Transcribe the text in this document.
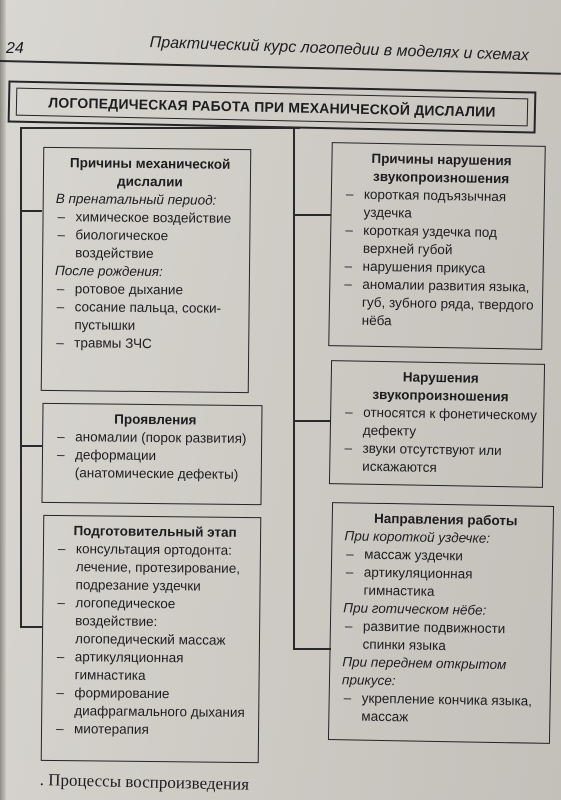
24	Практический курс логопедии в моделях и схемах
ЛОГОПЕДИЧЕСКАЯ РАБОТА ПРИ МЕХАНИЧЕСКОЙ ДИСЛАЛИИ
Причины механической дислалии
В пренатальный период:
– химическое воздействие
– биологическое воздействие
После рождения:
– ротовое дыхание
– сосание пальца, соски-пустышки
– травмы ЗЧС
Проявления
– аномалии (порок развития)
– деформации (анатомические дефекты)
Подготовительный этап
– консультация ортодонта: лечение, протезирование, подрезание уздечки
– логопедическое воздействие: логопедический массаж
– артикуляционная гимнастика
– формирование диафрагмального дыхания
– миотерапия
Причины нарушения звукопроизношения
– короткая подъязычная уздечка
– короткая уздечка под верхней губой
– нарушения прикуса
– аномалии развития языка, губ, зубного ряда, твердого нёба
Нарушения звукопроизношения
– относятся к фонетическому дефекту
– звуки отсутствуют или искажаются
Направления работы
При короткой уздечке:
– массаж уздечки
– артикуляционная гимнастика
При готическом нёбе:
– развитие подвижности спинки языка
При переднем открытом прикусе:
– укрепление кончика языка, массаж
. Процессы воспроизведения
